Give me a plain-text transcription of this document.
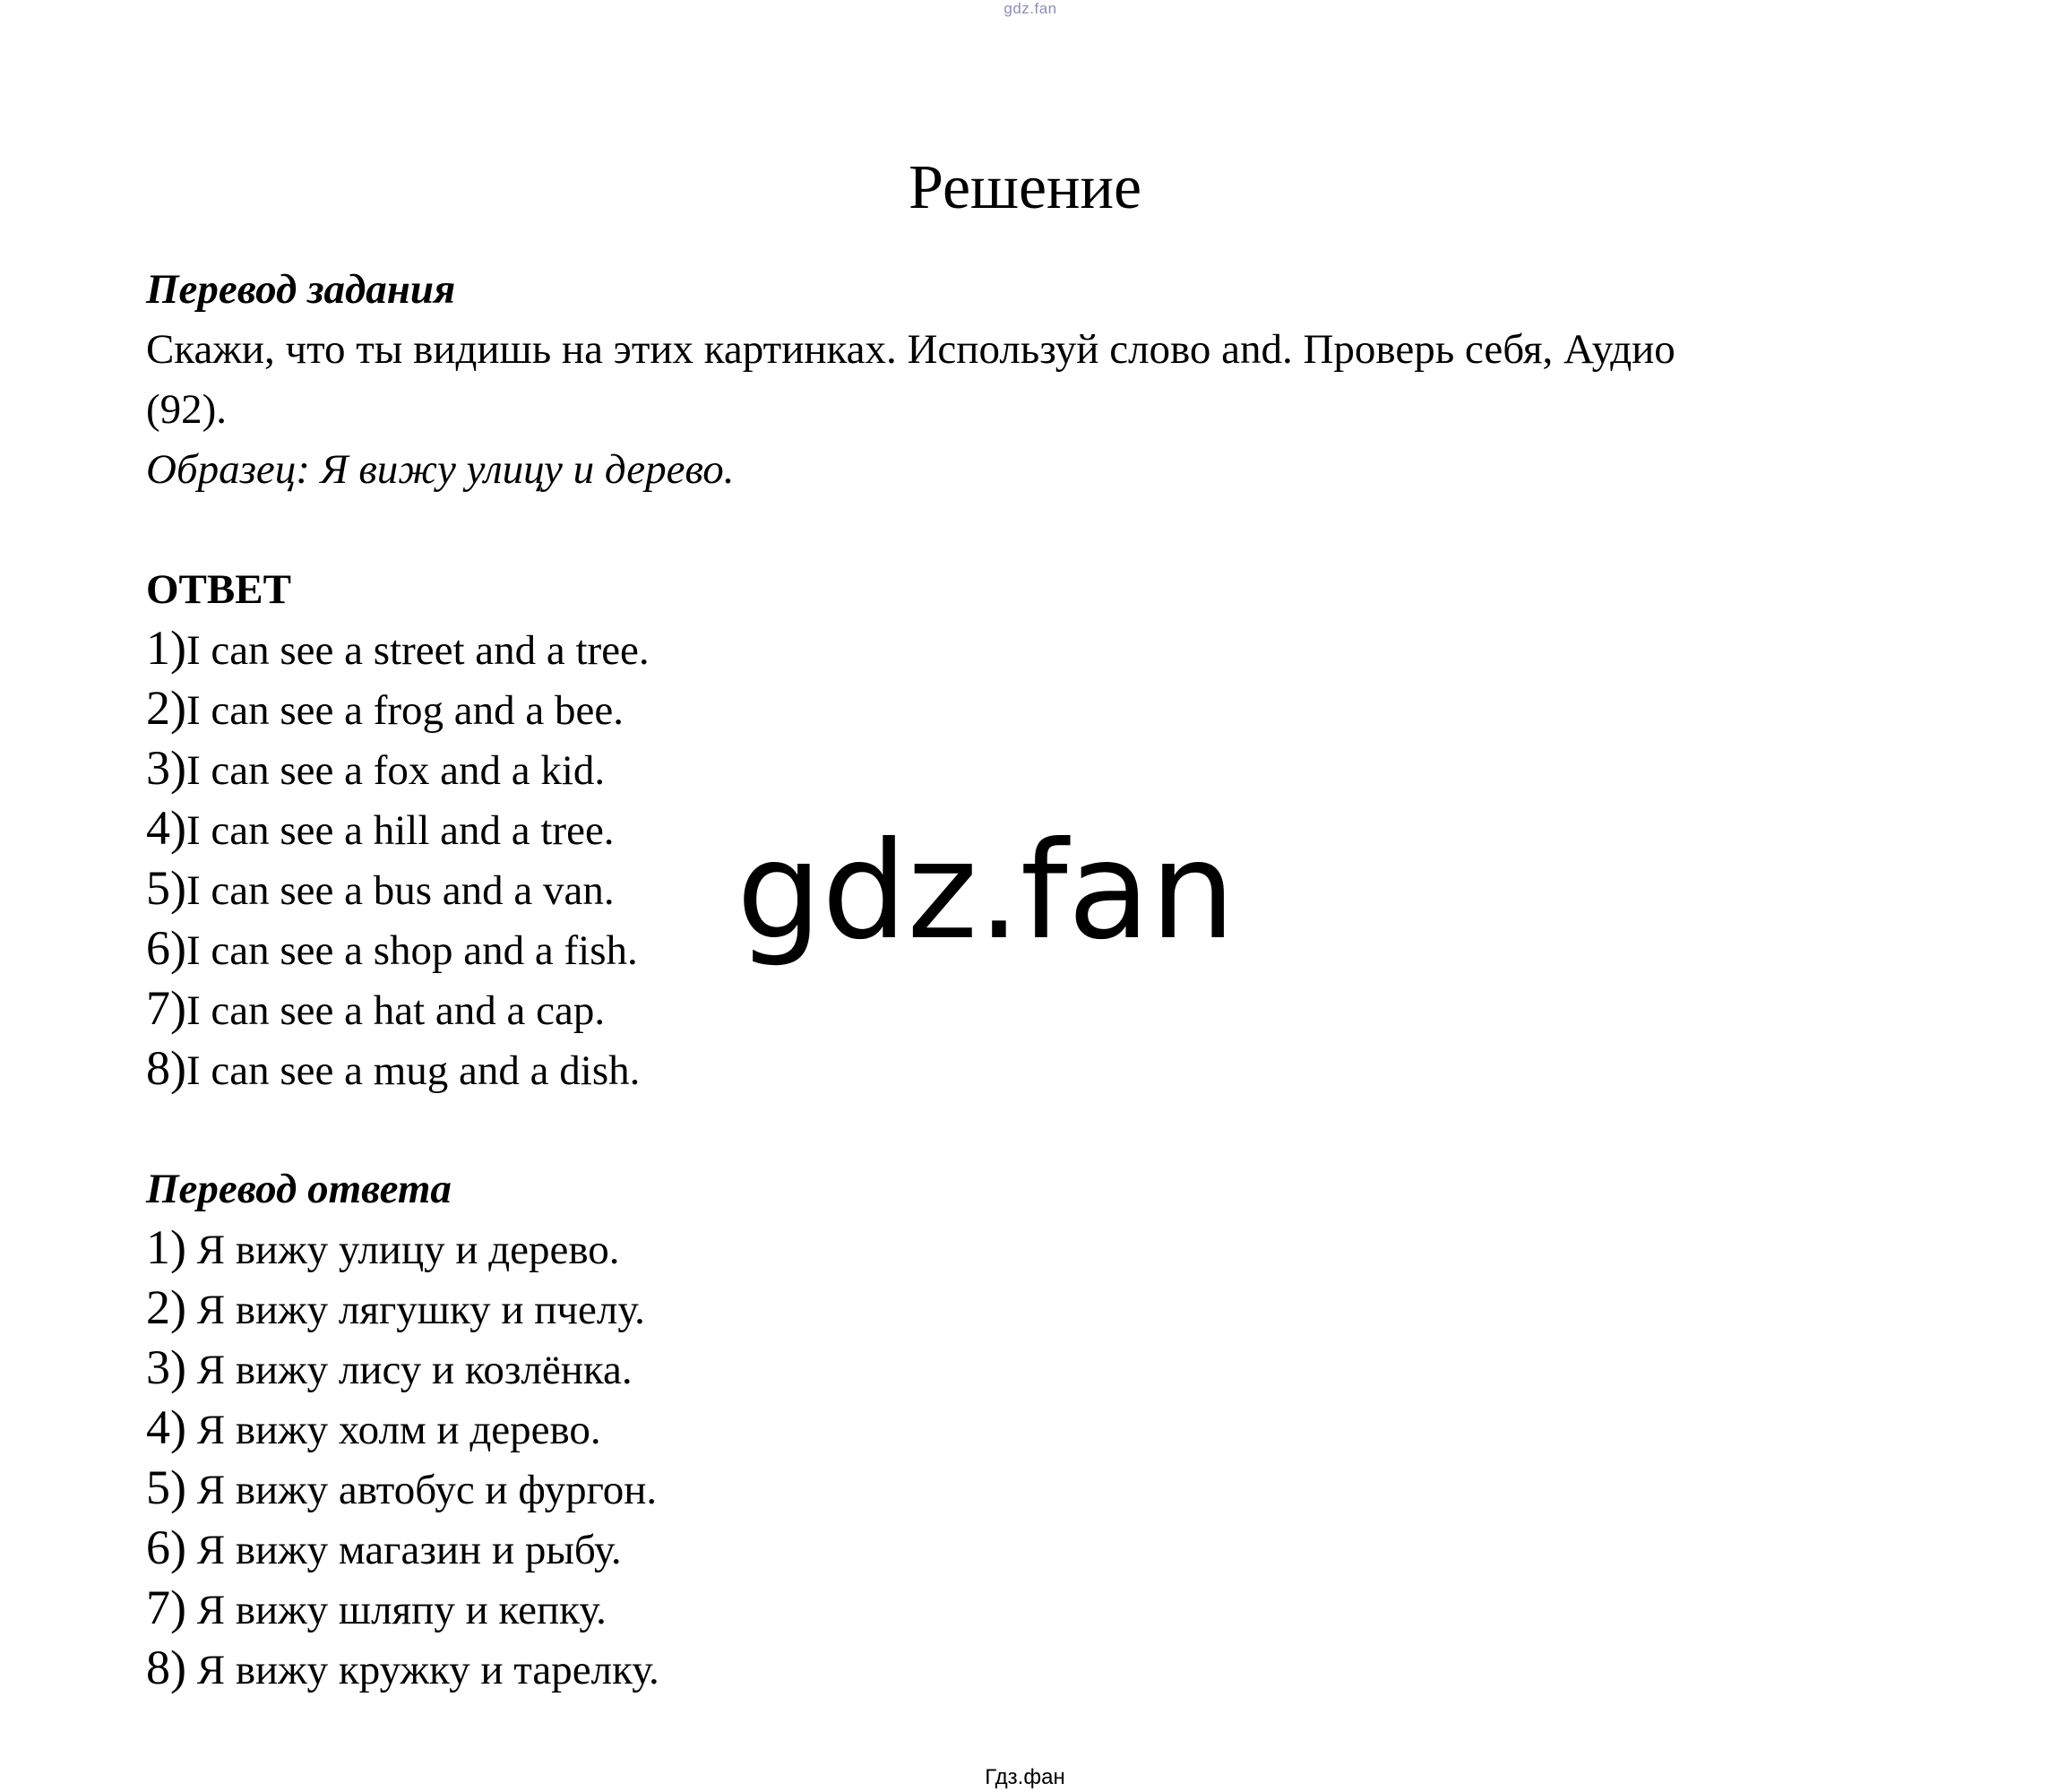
gdz.fan
Решение
Перевод задания
Скажи, что ты видишь на этих картинках. Используй слово and. Проверь себя, Аудио
(92).
Образец: Я вижу улицу и дерево.
ОТВЕТ
1)I can see a street and a tree.
2)I can see a frog and a bee.
3)I can see a fox and a kid.
4)I can see a hill and a tree.
5)I can see a bus and a van.
6)I can see a shop and a fish.
7)I can see a hat and a cap.
8)I can see a mug and a dish.
Перевод ответа
1) Я вижу улицу и дерево.
2) Я вижу лягушку и пчелу.
3) Я вижу лису и козлёнка.
4) Я вижу холм и дерево.
5) Я вижу автобус и фургон.
6) Я вижу магазин и рыбу.
7) Я вижу шляпу и кепку.
8) Я вижу кружку и тарелку.
gdz.fan
Гдз.фан
